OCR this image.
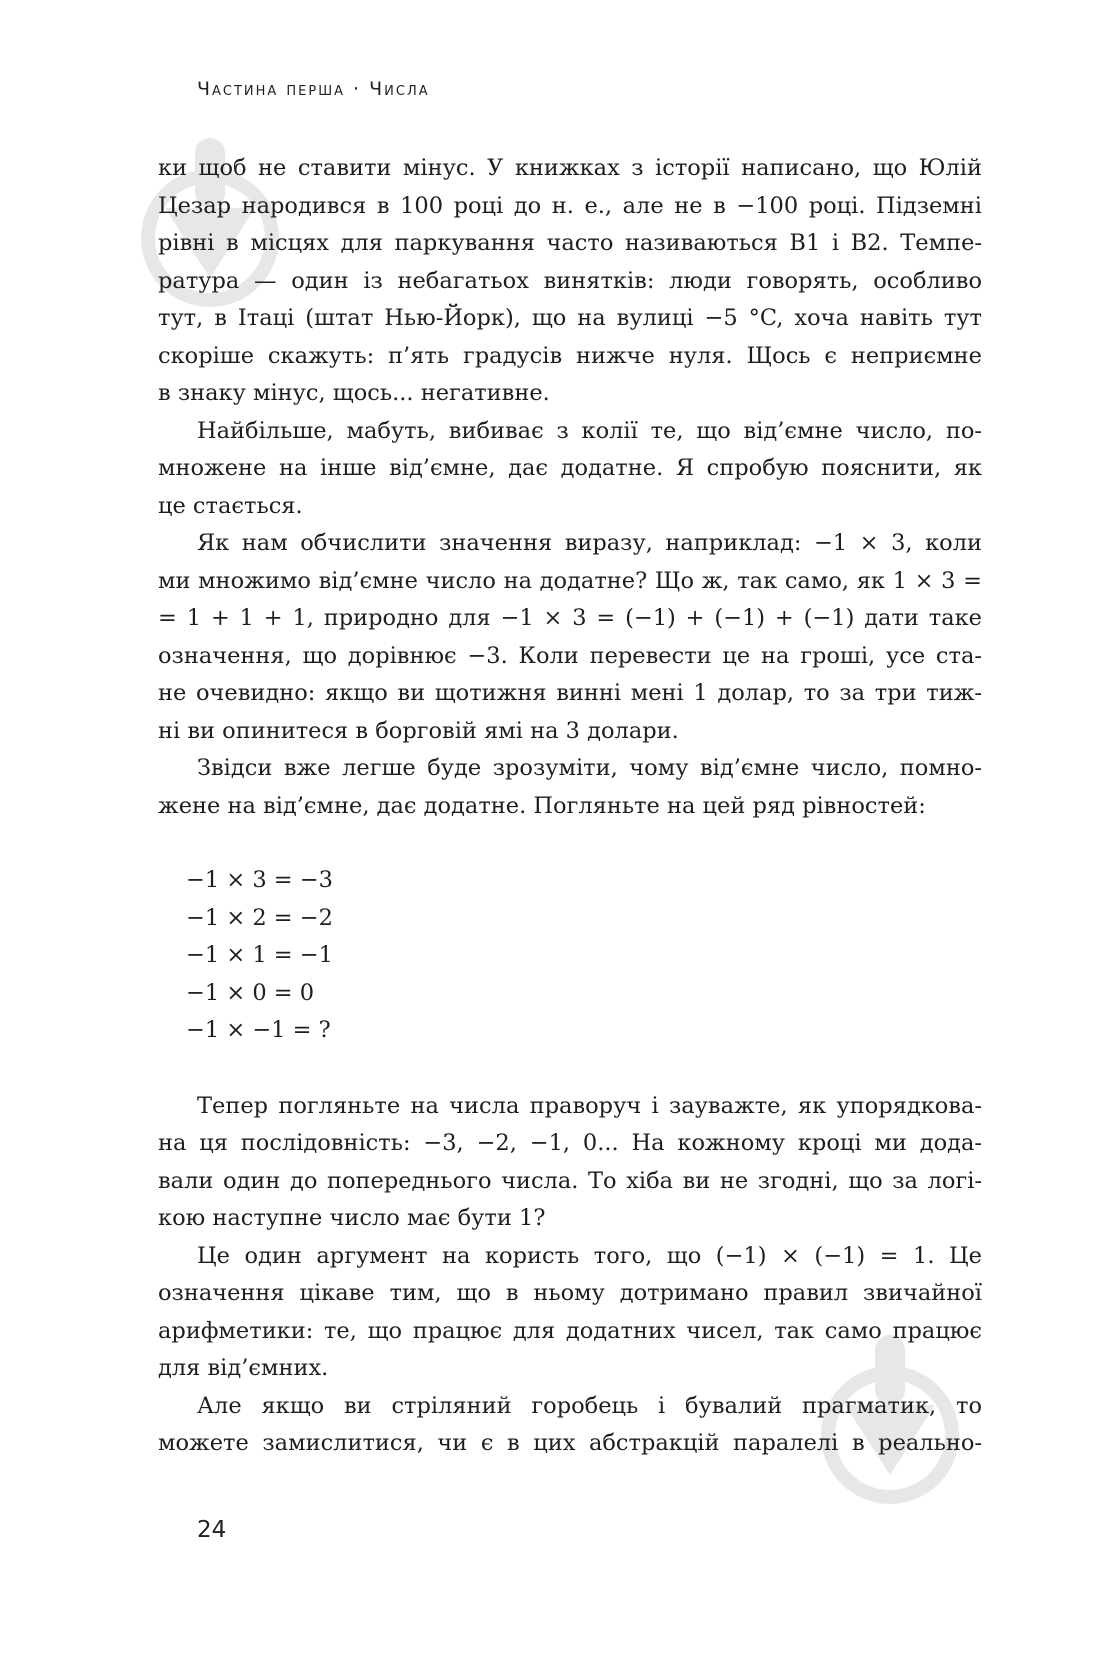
Частина перша · Числа

ки щоб не ставити мінус. У книжках з історії написано, що Юлій

Цезар народився в 100 році до н. е., але не в −100 році. Підземні

рівні в місцях для паркування часто називаються B1 і B2. Темпе-

ратура — один із небагатьох винятків: люди говорять, особливо

тут, в Ітаці (штат Нью-Йорк), що на вулиці −5 °C, хоча навіть тут

скоріше скажуть: п’ять градусів нижче нуля. Щось є неприємне

в знаку мінус, щось... негативне.

Найбільше, мабуть, вибиває з колії те, що від’ємне число, по-

множене на інше від’ємне, дає додатне. Я спробую пояснити, як

це стається.

Як нам обчислити значення виразу, наприклад: −1 × 3, коли

ми множимо від’ємне число на додатне? Що ж, так само, як 1 × 3 =

= 1 + 1 + 1, природно для −1 × 3 = (−1) + (−1) + (−1) дати таке

означення, що дорівнює −3. Коли перевести це на гроші, усе ста-

не очевидно: якщо ви щотижня винні мені 1 долар, то за три тиж-

ні ви опинитеся в борговій ямі на 3 долари.

Звідси вже легше буде зрозуміти, чому від’ємне число, помно-

жене на від’ємне, дає додатне. Погляньте на цей ряд рівностей:

−1 × 3 = −3
−1 × 2 = −2
−1 × 1 = −1
−1 × 0 = 0
−1 × −1 = ?

Тепер погляньте на числа праворуч і зауважте, як упорядкова-

на ця послідовність: −3, −2, −1, 0... На кожному кроці ми дода-

вали один до попереднього числа. То хіба ви не згодні, що за логі-

кою наступне число має бути 1?

Це один аргумент на користь того, що (−1) × (−1) = 1. Це

означення цікаве тим, що в ньому дотримано правил звичайної

арифметики: те, що працює для додатних чисел, так само працює

для від’ємних.

Але якщо ви стріляний горобець і бувалий прагматик, то

можете замислитися, чи є в цих абстракцій паралелі в реально-

24
